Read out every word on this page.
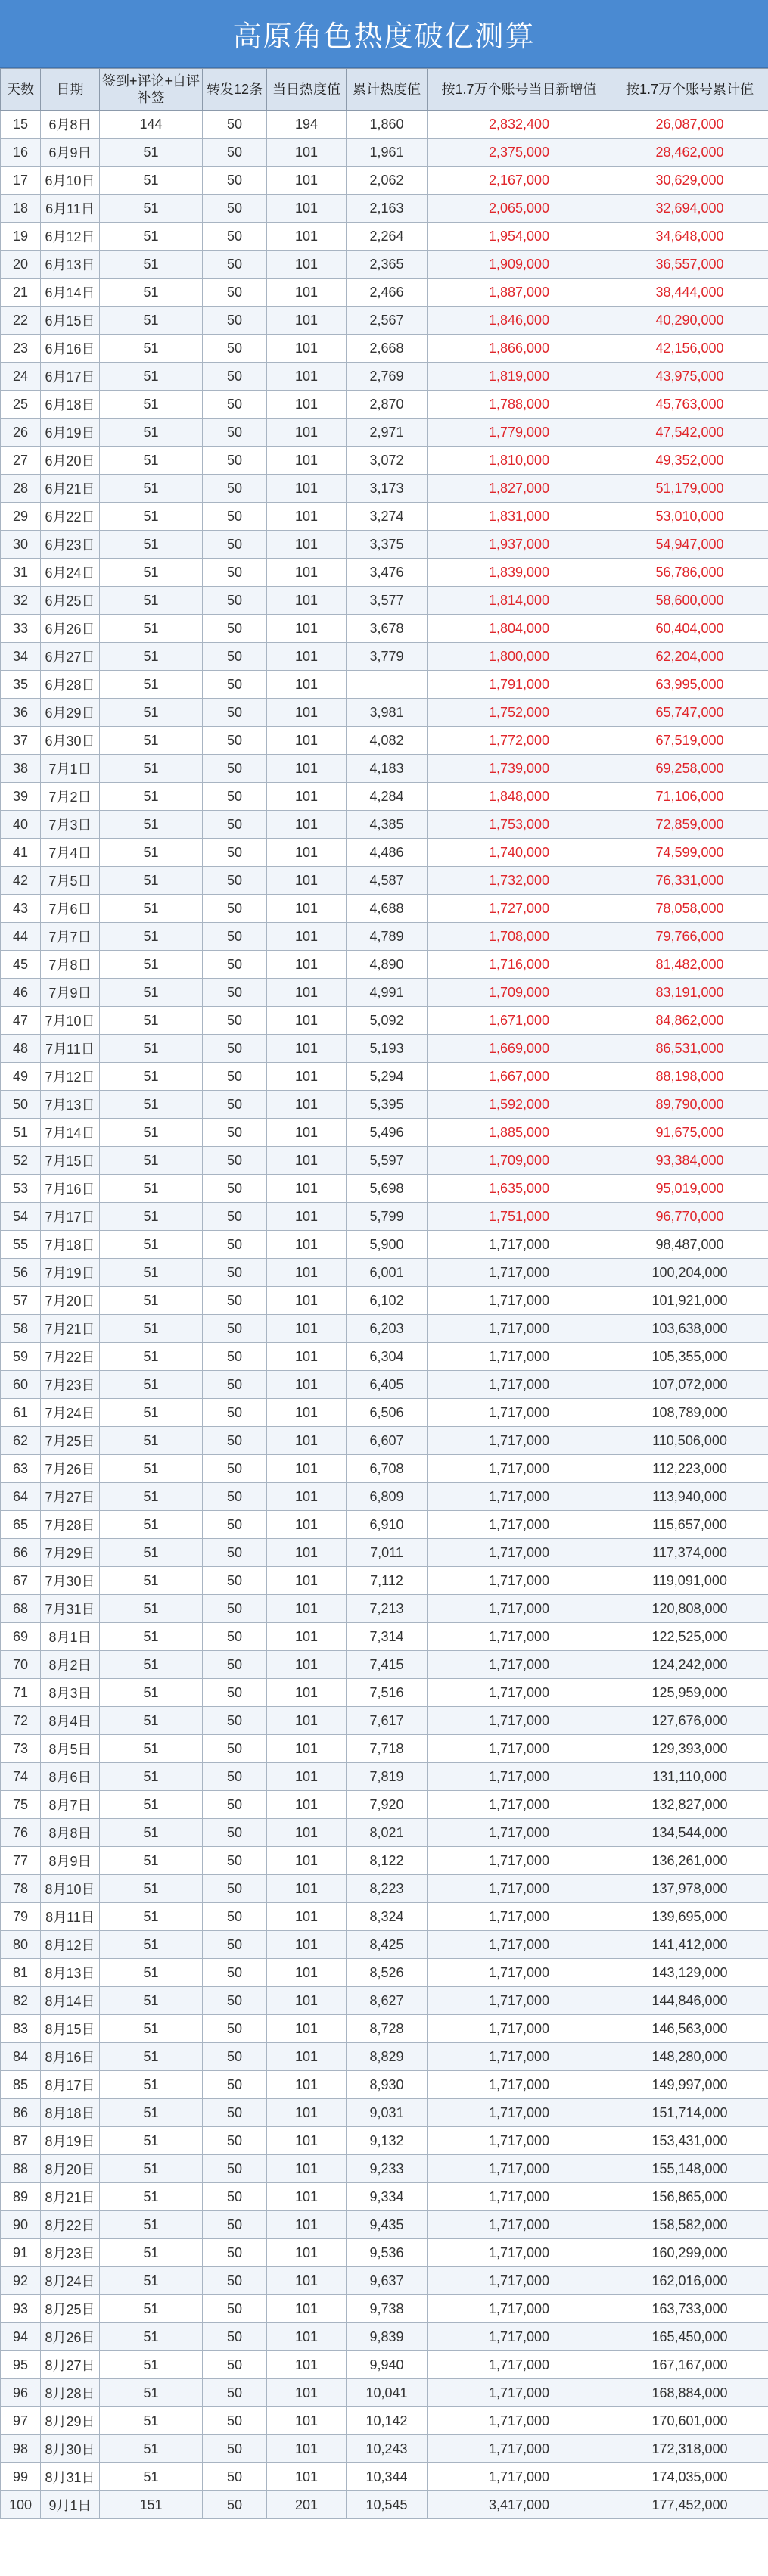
高原角色热度破亿测算
天数	日期	签到+评论+自评补签	转发12条	当日热度值	累计热度值	按1.7万个账号当日新增值	按1.7万个账号累计值
15	6月8日	144	50	194	1,860	2,832,400	26,087,000
16	6月9日	51	50	101	1,961	2,375,000	28,462,000
17	6月10日	51	50	101	2,062	2,167,000	30,629,000
18	6月11日	51	50	101	2,163	2,065,000	32,694,000
19	6月12日	51	50	101	2,264	1,954,000	34,648,000
20	6月13日	51	50	101	2,365	1,909,000	36,557,000
21	6月14日	51	50	101	2,466	1,887,000	38,444,000
22	6月15日	51	50	101	2,567	1,846,000	40,290,000
23	6月16日	51	50	101	2,668	1,866,000	42,156,000
24	6月17日	51	50	101	2,769	1,819,000	43,975,000
25	6月18日	51	50	101	2,870	1,788,000	45,763,000
26	6月19日	51	50	101	2,971	1,779,000	47,542,000
27	6月20日	51	50	101	3,072	1,810,000	49,352,000
28	6月21日	51	50	101	3,173	1,827,000	51,179,000
29	6月22日	51	50	101	3,274	1,831,000	53,010,000
30	6月23日	51	50	101	3,375	1,937,000	54,947,000
31	6月24日	51	50	101	3,476	1,839,000	56,786,000
32	6月25日	51	50	101	3,577	1,814,000	58,600,000
33	6月26日	51	50	101	3,678	1,804,000	60,404,000
34	6月27日	51	50	101	3,779	1,800,000	62,204,000
35	6月28日	51	50	101		1,791,000	63,995,000
36	6月29日	51	50	101	3,981	1,752,000	65,747,000
37	6月30日	51	50	101	4,082	1,772,000	67,519,000
38	7月1日	51	50	101	4,183	1,739,000	69,258,000
39	7月2日	51	50	101	4,284	1,848,000	71,106,000
40	7月3日	51	50	101	4,385	1,753,000	72,859,000
41	7月4日	51	50	101	4,486	1,740,000	74,599,000
42	7月5日	51	50	101	4,587	1,732,000	76,331,000
43	7月6日	51	50	101	4,688	1,727,000	78,058,000
44	7月7日	51	50	101	4,789	1,708,000	79,766,000
45	7月8日	51	50	101	4,890	1,716,000	81,482,000
46	7月9日	51	50	101	4,991	1,709,000	83,191,000
47	7月10日	51	50	101	5,092	1,671,000	84,862,000
48	7月11日	51	50	101	5,193	1,669,000	86,531,000
49	7月12日	51	50	101	5,294	1,667,000	88,198,000
50	7月13日	51	50	101	5,395	1,592,000	89,790,000
51	7月14日	51	50	101	5,496	1,885,000	91,675,000
52	7月15日	51	50	101	5,597	1,709,000	93,384,000
53	7月16日	51	50	101	5,698	1,635,000	95,019,000
54	7月17日	51	50	101	5,799	1,751,000	96,770,000
55	7月18日	51	50	101	5,900	1,717,000	98,487,000
56	7月19日	51	50	101	6,001	1,717,000	100,204,000
57	7月20日	51	50	101	6,102	1,717,000	101,921,000
58	7月21日	51	50	101	6,203	1,717,000	103,638,000
59	7月22日	51	50	101	6,304	1,717,000	105,355,000
60	7月23日	51	50	101	6,405	1,717,000	107,072,000
61	7月24日	51	50	101	6,506	1,717,000	108,789,000
62	7月25日	51	50	101	6,607	1,717,000	110,506,000
63	7月26日	51	50	101	6,708	1,717,000	112,223,000
64	7月27日	51	50	101	6,809	1,717,000	113,940,000
65	7月28日	51	50	101	6,910	1,717,000	115,657,000
66	7月29日	51	50	101	7,011	1,717,000	117,374,000
67	7月30日	51	50	101	7,112	1,717,000	119,091,000
68	7月31日	51	50	101	7,213	1,717,000	120,808,000
69	8月1日	51	50	101	7,314	1,717,000	122,525,000
70	8月2日	51	50	101	7,415	1,717,000	124,242,000
71	8月3日	51	50	101	7,516	1,717,000	125,959,000
72	8月4日	51	50	101	7,617	1,717,000	127,676,000
73	8月5日	51	50	101	7,718	1,717,000	129,393,000
74	8月6日	51	50	101	7,819	1,717,000	131,110,000
75	8月7日	51	50	101	7,920	1,717,000	132,827,000
76	8月8日	51	50	101	8,021	1,717,000	134,544,000
77	8月9日	51	50	101	8,122	1,717,000	136,261,000
78	8月10日	51	50	101	8,223	1,717,000	137,978,000
79	8月11日	51	50	101	8,324	1,717,000	139,695,000
80	8月12日	51	50	101	8,425	1,717,000	141,412,000
81	8月13日	51	50	101	8,526	1,717,000	143,129,000
82	8月14日	51	50	101	8,627	1,717,000	144,846,000
83	8月15日	51	50	101	8,728	1,717,000	146,563,000
84	8月16日	51	50	101	8,829	1,717,000	148,280,000
85	8月17日	51	50	101	8,930	1,717,000	149,997,000
86	8月18日	51	50	101	9,031	1,717,000	151,714,000
87	8月19日	51	50	101	9,132	1,717,000	153,431,000
88	8月20日	51	50	101	9,233	1,717,000	155,148,000
89	8月21日	51	50	101	9,334	1,717,000	156,865,000
90	8月22日	51	50	101	9,435	1,717,000	158,582,000
91	8月23日	51	50	101	9,536	1,717,000	160,299,000
92	8月24日	51	50	101	9,637	1,717,000	162,016,000
93	8月25日	51	50	101	9,738	1,717,000	163,733,000
94	8月26日	51	50	101	9,839	1,717,000	165,450,000
95	8月27日	51	50	101	9,940	1,717,000	167,167,000
96	8月28日	51	50	101	10,041	1,717,000	168,884,000
97	8月29日	51	50	101	10,142	1,717,000	170,601,000
98	8月30日	51	50	101	10,243	1,717,000	172,318,000
99	8月31日	51	50	101	10,344	1,717,000	174,035,000
100	9月1日	151	50	201	10,545	3,417,000	177,452,000
